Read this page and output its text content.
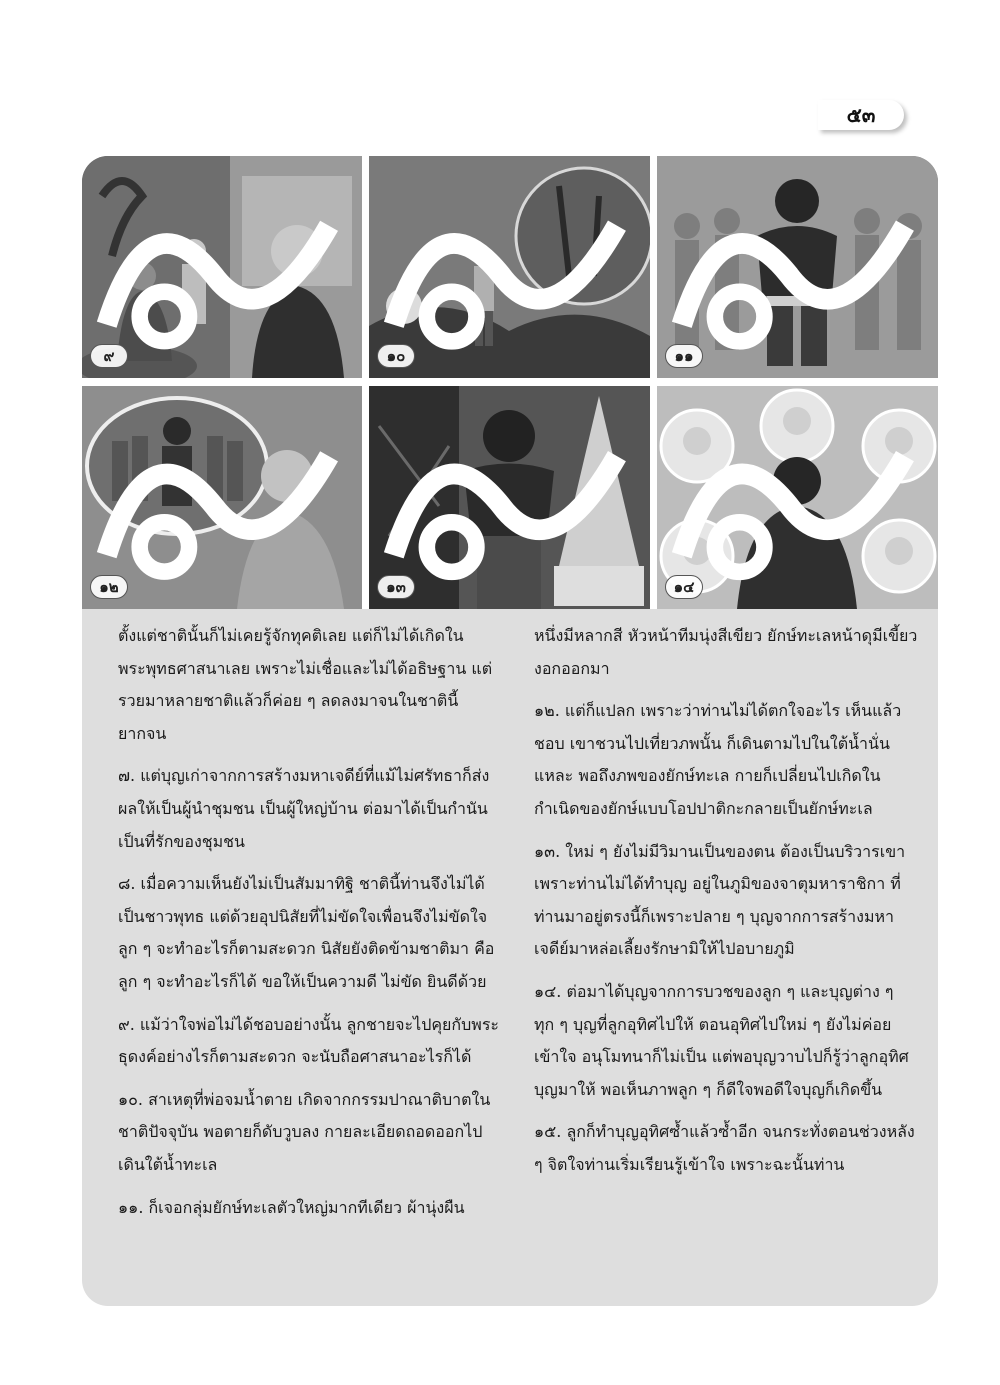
๕๓
๙	๑๐	๑๑
๑๒	๑๓	๑๔

ตั้งแต่ชาตินั้นก็ไม่เคยรู้จักทุคติเลย แต่ก็ไม่ได้เกิดในพระพุทธศาสนาเลย เพราะไม่เชื่อและไม่ได้อธิษฐาน แต่รวยมาหลายชาติแล้วก็ค่อย ๆ ลดลงมาจนในชาตินี้ยากจน

๗. แต่บุญเก่าจากการสร้างมหาเจดีย์ที่แม้ไม่ศรัทธาก็ส่งผลให้เป็นผู้นำชุมชน เป็นผู้ใหญ่บ้าน ต่อมาได้เป็นกำนัน เป็นที่รักของชุมชน

๘. เมื่อความเห็นยังไม่เป็นสัมมาทิฐิ ชาตินี้ท่านจึงไม่ได้เป็นชาวพุทธ แต่ด้วยอุปนิสัยที่ไม่ขัดใจเพื่อนจึงไม่ขัดใจลูก ๆ จะทำอะไรก็ตามสะดวก นิสัยยังติดข้ามชาติมา คือ ลูก ๆ จะทำอะไรก็ได้ ขอให้เป็นความดี ไม่ขัด ยินดีด้วย

๙. แม้ว่าใจพ่อไม่ได้ชอบอย่างนั้น ลูกชายจะไปคุยกับพระธุดงค์อย่างไรก็ตามสะดวก จะนับถือศาสนาอะไรก็ได้

๑๐. สาเหตุที่พ่อจมน้ำตาย เกิดจากกรรมปาณาติบาตในชาติปัจจุบัน พอตายก็ดับวูบลง กายละเอียดถอดออกไปเดินใต้น้ำทะเล

๑๑. ก็เจอกลุ่มยักษ์ทะเลตัวใหญ่มากทีเดียว ผ้านุ่งผืน

หนึ่งมีหลากสี หัวหน้าทีมนุ่งสีเขียว ยักษ์ทะเลหน้าดุมีเขี้ยวงอกออกมา

๑๒. แต่ก็แปลก เพราะว่าท่านไม่ได้ตกใจอะไร เห็นแล้วชอบ เขาชวนไปเที่ยวภพนั้น ก็เดินตามไปในใต้น้ำนั่นแหละ พอถึงภพของยักษ์ทะเล กายก็เปลี่ยนไปเกิดในกำเนิดของยักษ์แบบโอปปาติกะกลายเป็นยักษ์ทะเล

๑๓. ใหม่ ๆ ยังไม่มีวิมานเป็นของตน ต้องเป็นบริวารเขา เพราะท่านไม่ได้ทำบุญ อยู่ในภูมิของจาตุมหาราชิกา ที่ท่านมาอยู่ตรงนี้ก็เพราะปลาย ๆ บุญจากการสร้างมหาเจดีย์มาหล่อเลี้ยงรักษามิให้ไปอบายภูมิ

๑๔. ต่อมาได้บุญจากการบวชของลูก ๆ และบุญต่าง ๆ ทุก ๆ บุญที่ลูกอุทิศไปให้ ตอนอุทิศไปใหม่ ๆ ยังไม่ค่อยเข้าใจ อนุโมทนาก็ไม่เป็น แต่พอบุญวาบไปก็รู้ว่าลูกอุทิศบุญมาให้ พอเห็นภาพลูก ๆ ก็ดีใจพอดีใจบุญก็เกิดขึ้น

๑๕. ลูกก็ทำบุญอุทิศซ้ำแล้วซ้ำอีก จนกระทั่งตอนช่วงหลัง ๆ จิตใจท่านเริ่มเรียนรู้เข้าใจ เพราะฉะนั้นท่าน
